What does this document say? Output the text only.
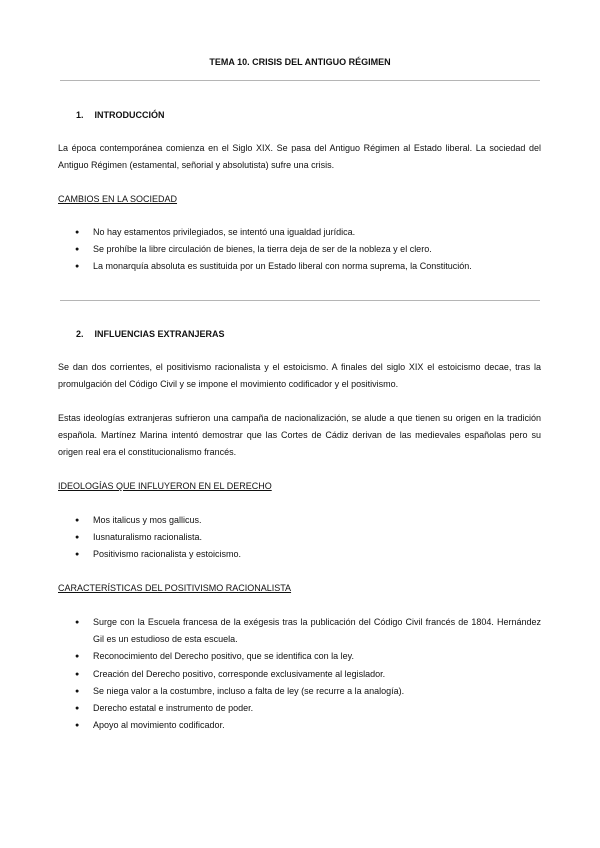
TEMA 10. CRISIS DEL ANTIGUO RÉGIMEN
1. INTRODUCCIÓN
La época contemporánea comienza en el Siglo XIX. Se pasa del Antiguo Régimen al Estado liberal. La sociedad del Antiguo Régimen (estamental, señorial y absolutista) sufre una crisis.
CAMBIOS EN LA SOCIEDAD
● No hay estamentos privilegiados, se intentó una igualdad jurídica.
● Se prohíbe la libre circulación de bienes, la tierra deja de ser de la nobleza y el clero.
● La monarquía absoluta es sustituida por un Estado liberal con norma suprema, la Constitución.
2. INFLUENCIAS EXTRANJERAS
Se dan dos corrientes, el positivismo racionalista y el estoicismo. A finales del siglo XIX el estoicismo decae, tras la promulgación del Código Civil y se impone el movimiento codificador y el positivismo.
Estas ideologías extranjeras sufrieron una campaña de nacionalización, se alude a que tienen su origen en la tradición española. Martínez Marina intentó demostrar que las Cortes de Cádiz derivan de las medievales españolas pero su origen real era el constitucionalismo francés.
IDEOLOGÍAS QUE INFLUYERON EN EL DERECHO
● Mos italicus y mos gallicus.
● Iusnaturalismo racionalista.
● Positivismo racionalista y estoicismo.
CARACTERÍSTICAS DEL POSITIVISMO RACIONALISTA
● Surge con la Escuela francesa de la exégesis tras la publicación del Código Civil francés de 1804. Hernández Gil es un estudioso de esta escuela.
● Reconocimiento del Derecho positivo, que se identifica con la ley.
● Creación del Derecho positivo, corresponde exclusivamente al legislador.
● Se niega valor a la costumbre, incluso a falta de ley (se recurre a la analogía).
● Derecho estatal e instrumento de poder.
● Apoyo al movimiento codificador.
